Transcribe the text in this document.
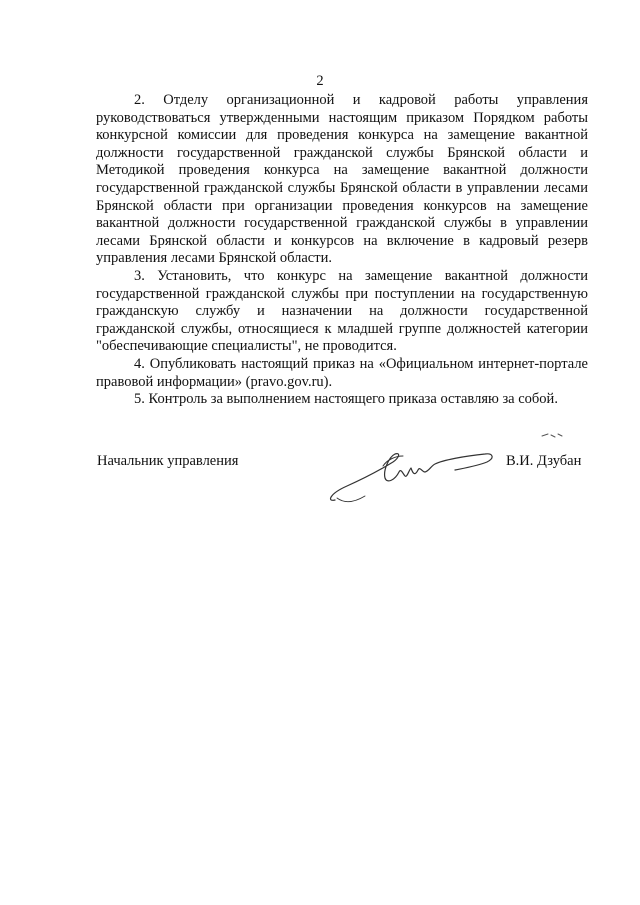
2

2. Отделу организационной и кадровой работы управления руководствоваться утвержденными настоящим приказом Порядком работы конкурсной комиссии для проведения конкурса на замещение вакантной должности государственной гражданской службы Брянской области и Методикой проведения конкурса на замещение вакантной должности государственной гражданской службы Брянской области в управлении лесами Брянской области при организации проведения конкурсов на замещение вакантной должности государственной гражданской службы в управлении лесами Брянской области и конкурсов на включение в кадровый резерв управления лесами Брянской области.

3. Установить, что конкурс на замещение вакантной должности государственной гражданской службы при поступлении на государственную гражданскую службу и назначении на должности государственной гражданской службы, относящиеся к младшей группе должностей категории "обеспечивающие специалисты", не проводится.

4. Опубликовать настоящий приказ на «Официальном интернет-портале правовой информации» (pravo.gov.ru).

5. Контроль за выполнением настоящего приказа оставляю за собой.

Начальник управления	В.И. Дзубан
